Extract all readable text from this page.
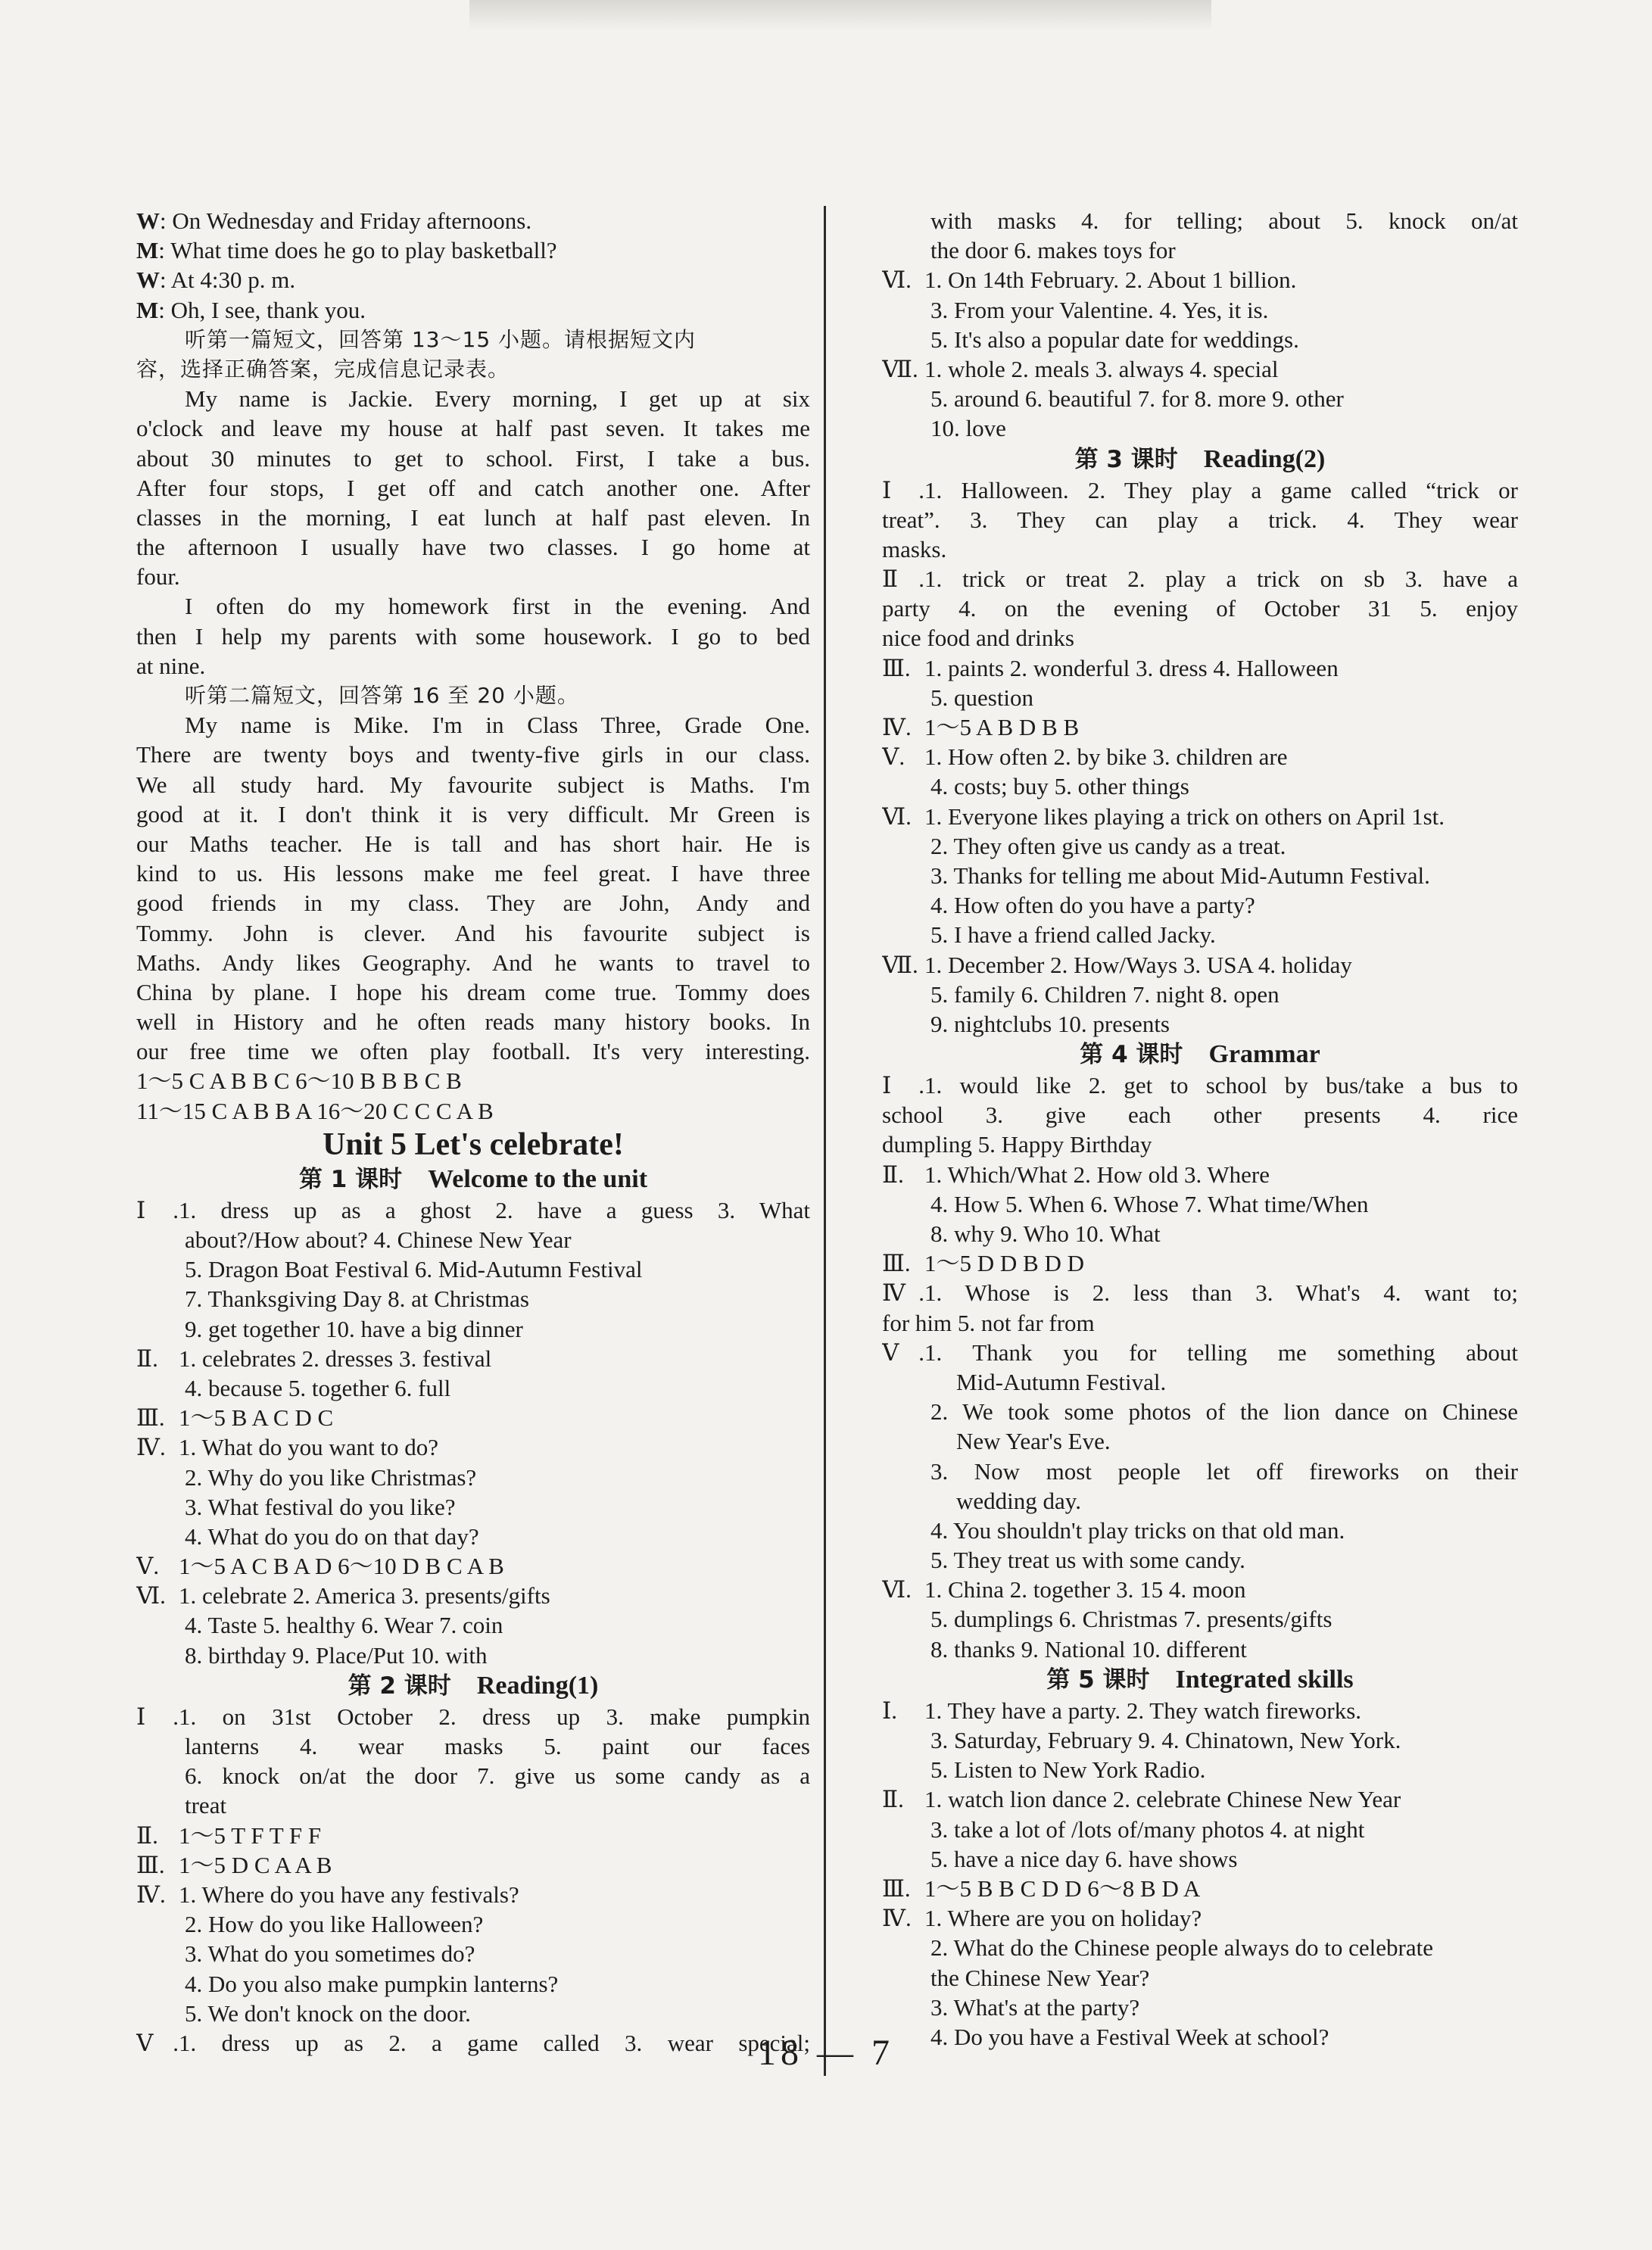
W: On Wednesday and Friday afternoons.
M: What time does he go to play basketball?
W: At 4:30 p. m.
M: Oh, I see, thank you.
听第一篇短文，回答第 13～15 小题。请根据短文内
容，选择正确答案，完成信息记录表。
My name is Jackie. Every morning, I get up at six
o'clock and leave my house at half past seven. It takes me
about 30 minutes to get to school. First, I take a bus.
After four stops, I get off and catch another one. After
classes in the morning, I eat lunch at half past eleven. In
the afternoon I usually have two classes. I go home at
four.
I often do my homework first in the evening. And
then I help my parents with some housework. I go to bed
at nine.
听第二篇短文，回答第 16 至 20 小题。
My name is Mike. I'm in Class Three, Grade One.
There are twenty boys and twenty-five girls in our class.
We all study hard. My favourite subject is Maths. I'm
good at it. I don't think it is very difficult. Mr Green is
our Maths teacher. He is tall and has short hair. He is
kind to us. His lessons make me feel great. I have three
good friends in my class. They are John, Andy and
Tommy. John is clever. And his favourite subject is
Maths. Andy likes Geography. And he wants to travel to
China by plane. I hope his dream come true. Tommy does
well in History and he often reads many history books. In
our free time we often play football. It's very interesting.
1～5 C A B B C 6～10 B B B C B
11～15 C A B B A 16～20 C C C A B
Unit 5 Let's celebrate!
第 1 课时  Welcome to the unit
Ⅰ.1. dress up as a ghost 2. have a guess 3. What
about?/How about? 4. Chinese New Year
5. Dragon Boat Festival 6. Mid-Autumn Festival
7. Thanksgiving Day 8. at Christmas
9. get together 10. have a big dinner
Ⅱ. 1. celebrates 2. dresses 3. festival
4. because 5. together 6. full
Ⅲ. 1～5 B A C D C
Ⅳ. 1. What do you want to do?
2. Why do you like Christmas?
3. What festival do you like?
4. What do you do on that day?
Ⅴ. 1～5 A C B A D 6～10 D B C A B
Ⅵ. 1. celebrate 2. America 3. presents/gifts
4. Taste 5. healthy 6. Wear 7. coin
8. birthday 9. Place/Put 10. with
第 2 课时  Reading(1)
Ⅰ.1. on 31st October 2. dress up 3. make pumpkin
lanterns 4. wear masks 5. paint our faces
6. knock on/at the door 7. give us some candy as a
treat
Ⅱ. 1～5 T F T F F
Ⅲ. 1～5 D C A A B
Ⅳ. 1. Where do you have any festivals?
2. How do you like Halloween?
3. What do you sometimes do?
4. Do you also make pumpkin lanterns?
5. We don't knock on the door.
Ⅴ.1. dress up as 2. a game called 3. wear special;
with masks 4. for telling; about 5. knock on/at
the door 6. makes toys for
Ⅵ. 1. On 14th February. 2. About 1 billion.
3. From your Valentine. 4. Yes, it is.
5. It's also a popular date for weddings.
Ⅶ. 1. whole 2. meals 3. always 4. special
5. around 6. beautiful 7. for 8. more 9. other
10. love
第 3 课时  Reading(2)
Ⅰ.1. Halloween. 2. They play a game called “trick or
treat”. 3. They can play a trick. 4. They wear
masks.
Ⅱ.1. trick or treat 2. play a trick on sb 3. have a
party 4. on the evening of October 31 5. enjoy
nice food and drinks
Ⅲ. 1. paints 2. wonderful 3. dress 4. Halloween
5. question
Ⅳ. 1～5 A B D B B
Ⅴ. 1. How often 2. by bike 3. children are
4. costs; buy 5. other things
Ⅵ. 1. Everyone likes playing a trick on others on April 1st.
2. They often give us candy as a treat.
3. Thanks for telling me about Mid-Autumn Festival.
4. How often do you have a party?
5. I have a friend called Jacky.
Ⅶ. 1. December 2. How/Ways 3. USA 4. holiday
5. family 6. Children 7. night 8. open
9. nightclubs 10. presents
第 4 课时  Grammar
Ⅰ.1. would like 2. get to school by bus/take a bus to
school 3. give each other presents 4. rice
dumpling 5. Happy Birthday
Ⅱ. 1. Which/What 2. How old 3. Where
4. How 5. When 6. Whose 7. What time/When
8. why 9. Who 10. What
Ⅲ. 1～5 D D B D D
Ⅳ.1. Whose is 2. less than 3. What's 4. want to;
for him 5. not far from
Ⅴ.1. Thank you for telling me something about
Mid-Autumn Festival.
2. We took some photos of the lion dance on Chinese
New Year's Eve.
3. Now most people let off fireworks on their
wedding day.
4. You shouldn't play tricks on that old man.
5. They treat us with some candy.
Ⅵ. 1. China 2. together 3. 15 4. moon
5. dumplings 6. Christmas 7. presents/gifts
8. thanks 9. National 10. different
第 5 课时  Integrated skills
Ⅰ. 1. They have a party. 2. They watch fireworks.
3. Saturday, February 9. 4. Chinatown, New York.
5. Listen to New York Radio.
Ⅱ. 1. watch lion dance 2. celebrate Chinese New Year
3. take a lot of /lots of/many photos 4. at night
5. have a nice day 6. have shows
Ⅲ. 1～5 B B C D D 6～8 B D A
Ⅳ. 1. Where are you on holiday?
2. What do the Chinese people always do to celebrate
the Chinese New Year?
3. What's at the party?
4. Do you have a Festival Week at school?
18 — 7
